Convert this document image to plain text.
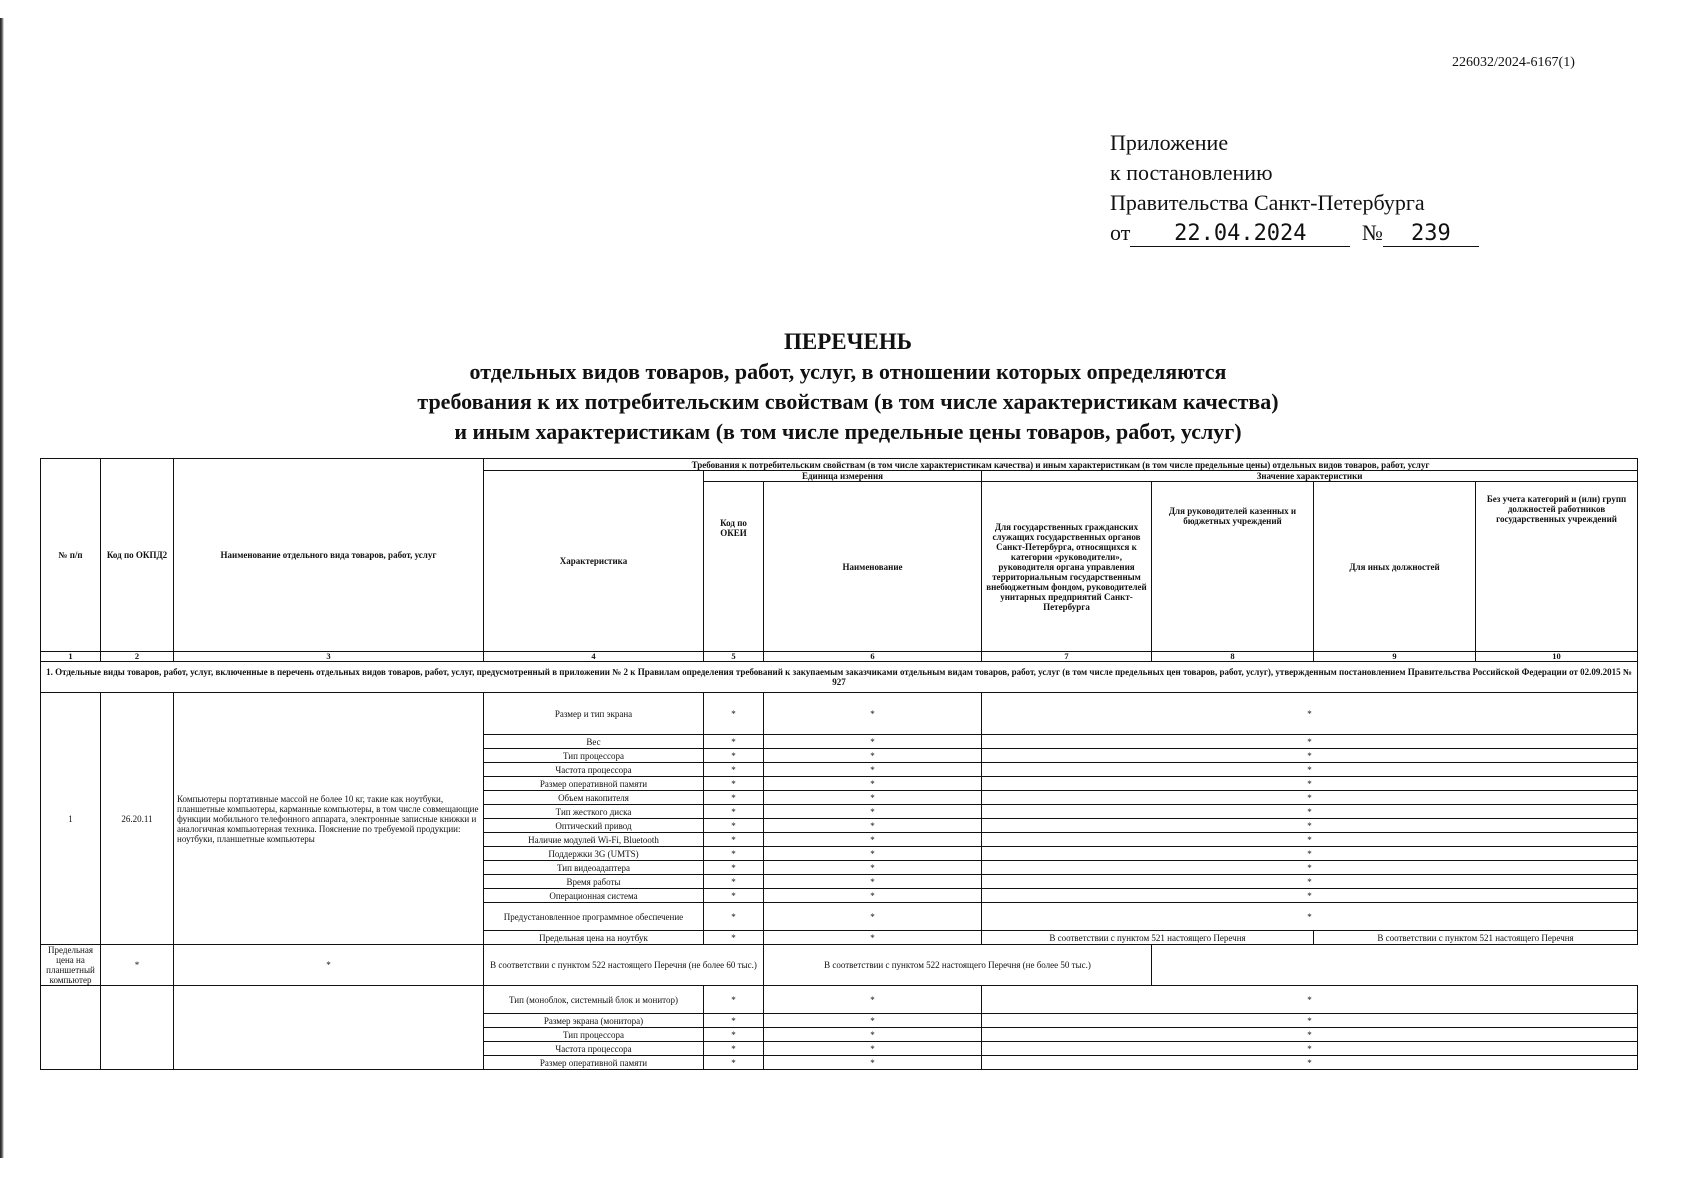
226032/2024-6167(1)
Приложение
к постановлению
Правительства Санкт-Петербурга
от 22.04.2024	№ 239
ПЕРЕЧЕНЬ
отдельных видов товаров, работ, услуг, в отношении которых определяются
требования к их потребительским свойствам (в том числе характеристикам качества)
и иным характеристикам (в том числе предельные цены товаров, работ, услуг)
№ п/п	Код по ОКПД2	Наименование отдельного вида товаров, работ, услуг	Требования к потребительским свойствам (в том числе характеристикам качества) и иным характеристикам (в том числе предельные цены) отдельных видов товаров, работ, услуг						
			Характеристика	Единица измерения		Значение характеристики			
				Код по ОКЕИ	Наименование	Для государственных гражданских служащих государственных органов Санкт-Петербурга, относящихся к категории «руководители», руководителя органа управления территориальным государственным внебюджетным фондом, руководителей унитарных предприятий Санкт-Петербурга	Для руководителей казенных и бюджетных учреждений	Для иных должностей	Без учета категорий и (или) групп должностей работников государственных учреждений
1	2	3	4	5	6	7	8	9	10
1. Отдельные виды товаров, работ, услуг, включенные в перечень отдельных видов товаров, работ, услуг, предусмотренный в приложении № 2 к Правилам определения требований к закупаемым заказчиками отдельным видам товаров, работ, услуг (в том числе предельных цен товаров, работ, услуг), утвержденным постановлением Правительства Российской Федерации от 02.09.2015 № 927									
1	26.20.11	Компьютеры портативные массой не более 10 кг, такие как ноутбуки, планшетные компьютеры, карманные компьютеры, в том числе совмещающие функции мобильного телефонного аппарата, электронные записные книжки и аналогичная компьютерная техника. Пояснение по требуемой продукции: ноутбуки, планшетные компьютеры	Размер и тип экрана	*	*	*			
			Вес	*	*	*			
			Тип процессора	*	*	*			
			Частота процессора	*	*	*			
			Размер оперативной памяти	*	*	*			
			Объем накопителя	*	*	*			
			Тип жесткого диска	*	*	*			
			Оптический привод	*	*	*			
			Наличие модулей Wi-Fi, Bluetooth	*	*	*			
			Поддержки 3G (UMTS)	*	*	*			
			Тип видеоадаптера	*	*	*			
			Время работы	*	*	*			
			Операционная система	*	*	*			
			Предустановленное программное обеспечение	*	*	*			
			Предельная цена на ноутбук	*	*	В соответствии с пунктом 521 настоящего Перечня		В соответствии с пунктом 521 настоящего Перечня	
Предельная цена на планшетный компьютер	*	*	В соответствии с пунктом 522 настоящего Перечня (не более 60 тыс.)		В соответствии с пунктом 522 настоящего Перечня (не более 50 тыс.)				
			Тип (моноблок, системный блок и монитор)	*	*	*			
			Размер экрана (монитора)	*	*	*			
			Тип процессора	*	*	*			
			Частота процессора	*	*	*			
			Размер оперативной памяти	*	*	*			
